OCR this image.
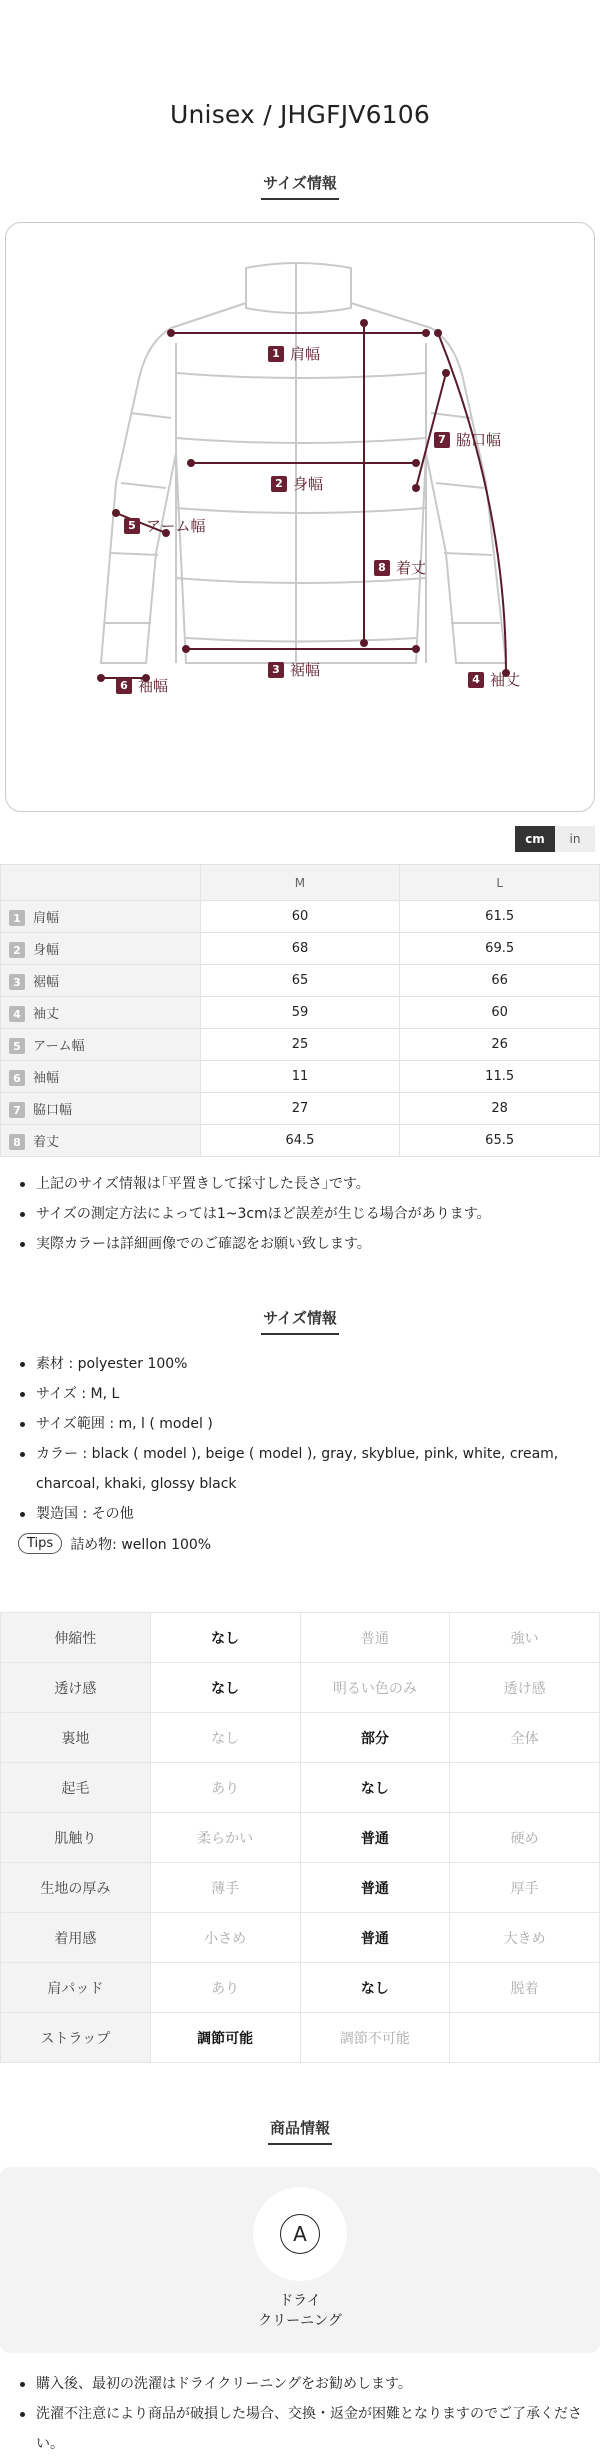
Unisex / JHGFJV6106
サイズ情報
1 肩幅
2 身幅
3 裾幅
4 袖丈
5 アーム幅
6 袖幅
7 脇口幅
8 着丈
cm	in
	M	L
1 肩幅	60	61.5
2 身幅	68	69.5
3 裾幅	65	66
4 袖丈	59	60
5 アーム幅	25	26
6 袖幅	11	11.5
7 脇口幅	27	28
8 着丈	64.5	65.5
上記のサイズ情報は｢平置きして採寸した長さ｣です。
サイズの測定方法によっては1~3cmほど誤差が生じる場合があります。
実際カラーは詳細画像でのご確認をお願い致します。
サイズ情報
素材 : polyester 100%
サイズ : M, L
サイズ範囲 : m, l ( model )
カラー : black ( model ), beige ( model ), gray, skyblue, pink, white, cream, charcoal, khaki, glossy black
製造国 : その他
Tips	詰め物: wellon 100%
伸縮性	なし	普通	強い
透け感	なし	明るい色のみ	透け感
裏地	なし	部分	全体
起毛	あり	なし	
肌触り	柔らかい	普通	硬め
生地の厚み	薄手	普通	厚手
着用感	小さめ	普通	大きめ
肩パッド	あり	なし	脱着
ストラップ	調節可能	調節不可能	
商品情報
A
ドライ
クリーニング
購入後、最初の洗濯はドライクリーニングをお勧めします。
洗濯不注意により商品が破損した場合、交換・返金が困難となりますのでご了承ください。
